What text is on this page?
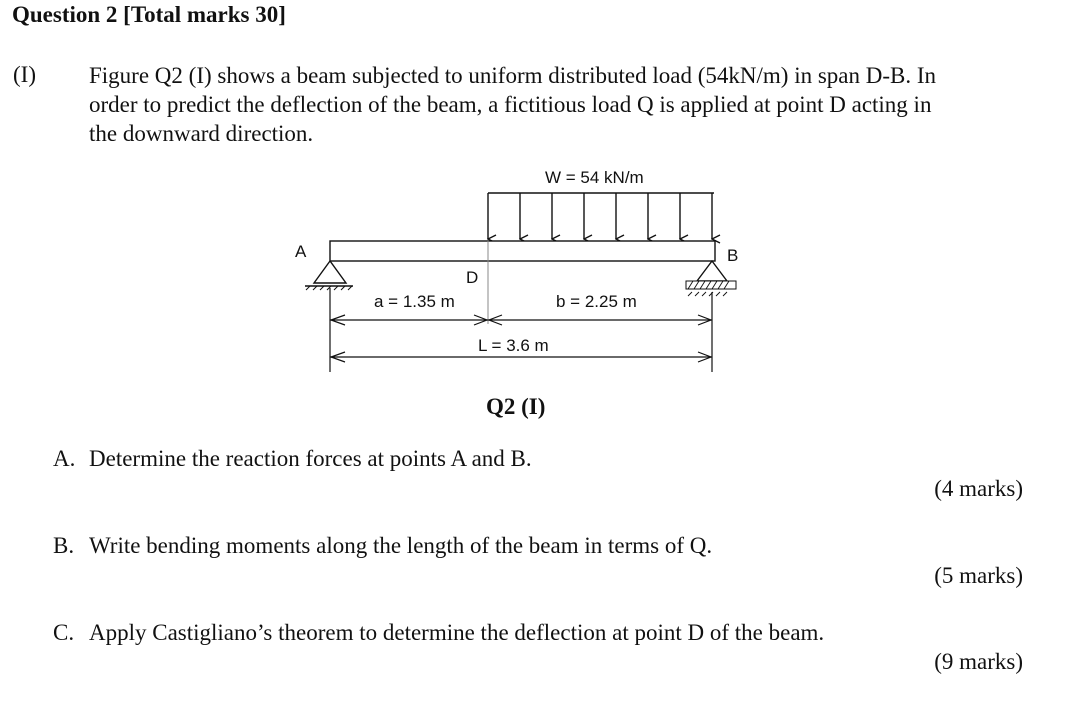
Question 2 [Total marks 30]
(I) Figure Q2 (I) shows a beam subjected to uniform distributed load (54kN/m) in span D-B. In
order to predict the deflection of the beam, a fictitious load Q is applied at point D acting in
the downward direction.
W = 54 kN/m
A	B
D
a = 1.35 m	b = 2.25 m
L = 3.6 m
Q2 (I)
A. Determine the reaction forces at points A and B.
(4 marks)
B. Write bending moments along the length of the beam in terms of Q.
(5 marks)
C. Apply Castigliano’s theorem to determine the deflection at point D of the beam.
(9 marks)
